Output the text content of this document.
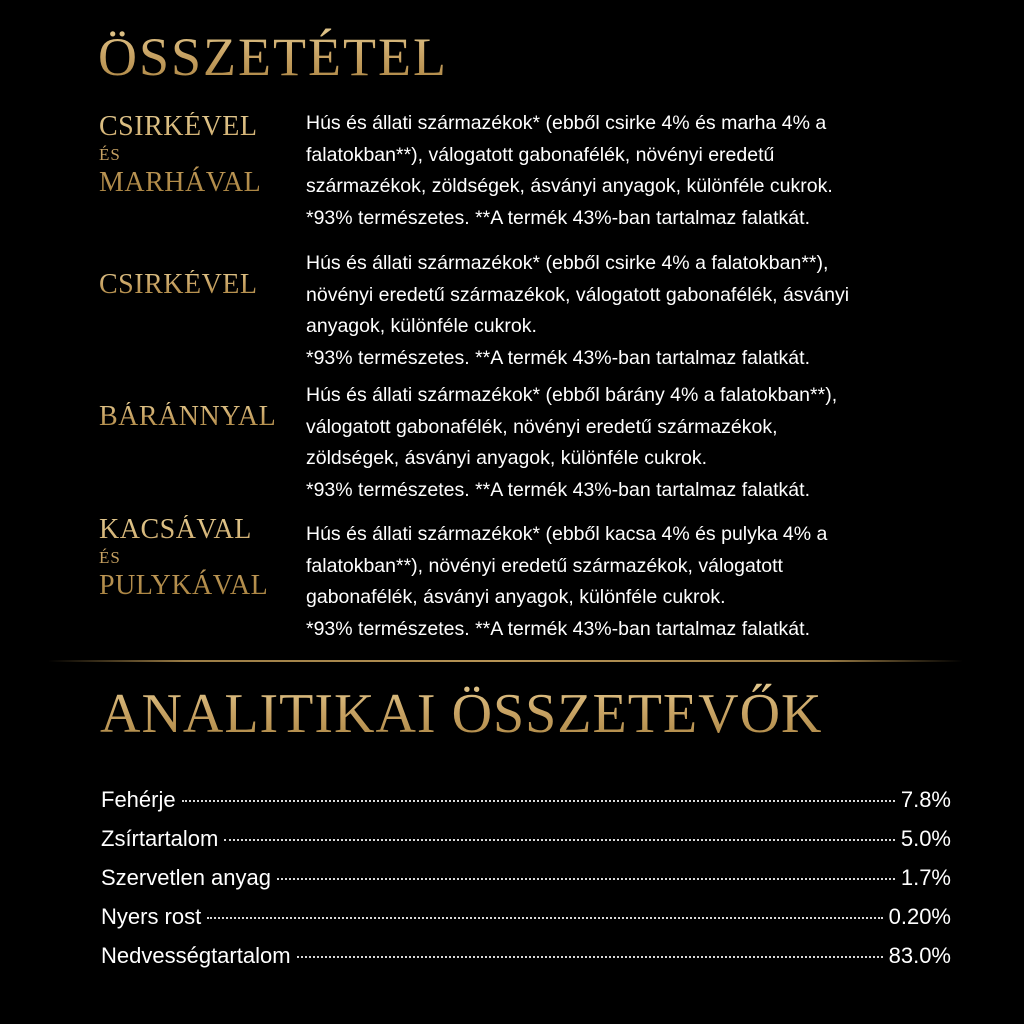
ÖSSZETÉTEL
CSIRKÉVEL
ÉS
MARHÁVAL

Hús és állati származékok* (ebből csirke 4% és marha 4% a

falatokban**), válogatott gabonafélék, növényi eredetű

származékok, zöldségek, ásványi anyagok, különféle cukrok.

*93% természetes. **A termék 43%-ban tartalmaz falatkát.

CSIRKÉVEL

Hús és állati származékok* (ebből csirke 4% a falatokban**),

növényi eredetű származékok, válogatott gabonafélék, ásványi

anyagok, különféle cukrok.

*93% természetes. **A termék 43%-ban tartalmaz falatkát.

BÁRÁNNYAL

Hús és állati származékok* (ebből bárány 4% a falatokban**),

válogatott gabonafélék, növényi eredetű származékok,

zöldségek, ásványi anyagok, különféle cukrok.

*93% természetes. **A termék 43%-ban tartalmaz falatkát.

KACSÁVAL
ÉS
PULYKÁVAL

Hús és állati származékok* (ebből kacsa 4% és pulyka 4% a

falatokban**), növényi eredetű származékok, válogatott

gabonafélék, ásványi anyagok, különféle cukrok.

*93% természetes. **A termék 43%-ban tartalmaz falatkát.

ANALITIKAI ÖSSZETEVŐK
Fehérje	7.8%
Zsírtartalom	5.0%
Szervetlen anyag	1.7%
Nyers rost	0.20%
Nedvességtartalom	83.0%
